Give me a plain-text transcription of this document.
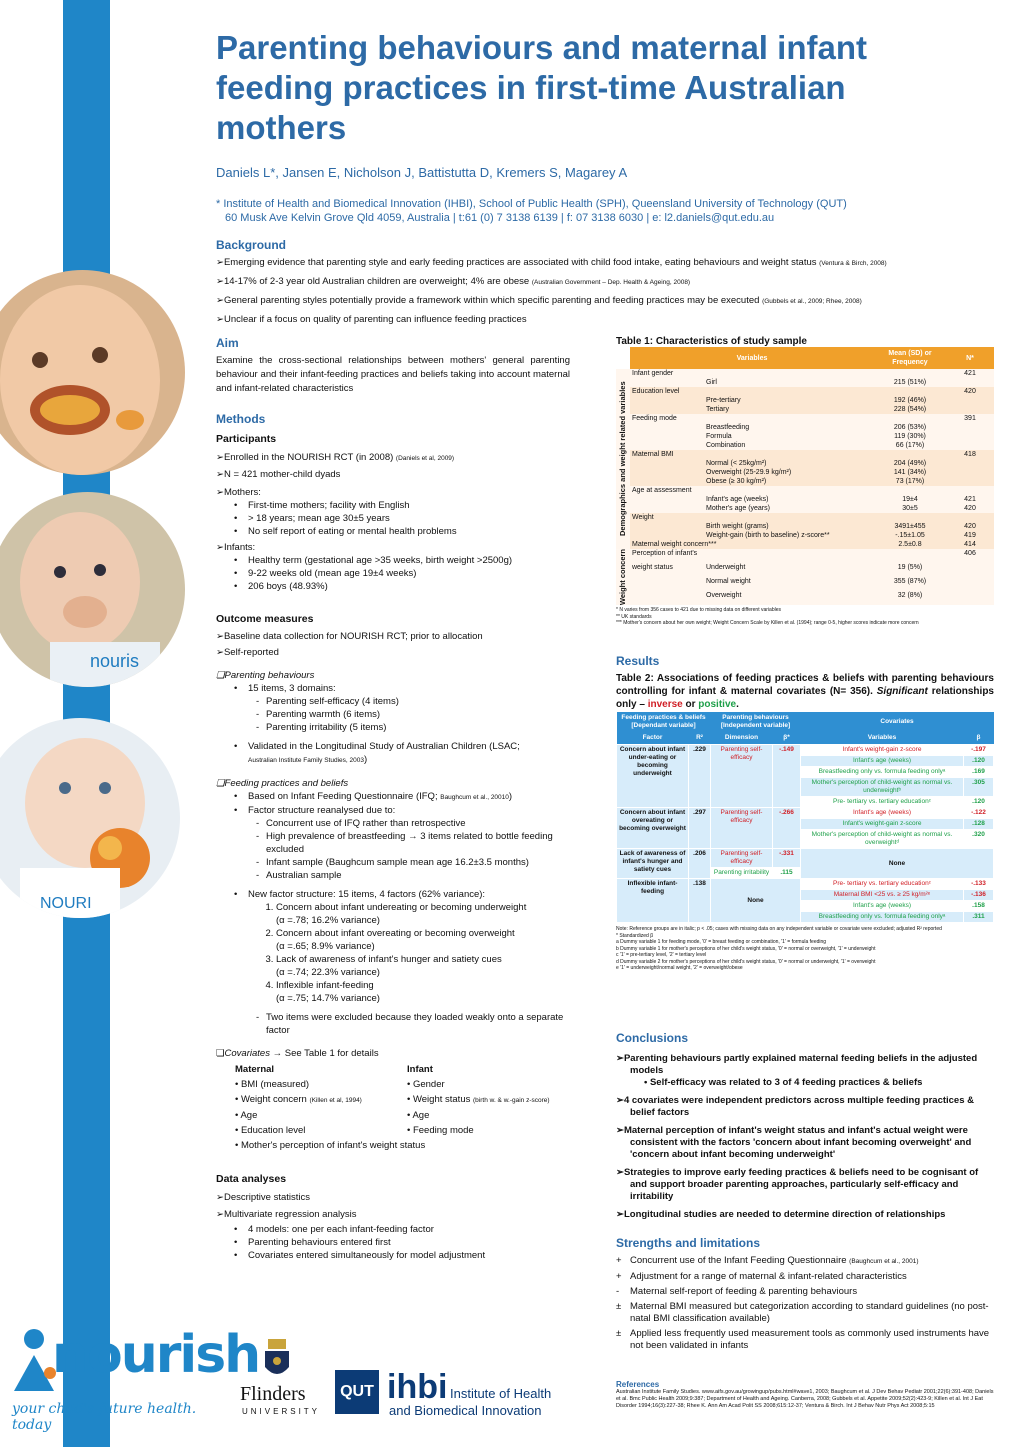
nouris
NOURI
Parenting behaviours and maternal infant feeding practices in first-time Australian mothers
Daniels L*, Jansen E, Nicholson J, Battistutta D, Kremers S, Magarey A
* Institute of Health and Biomedical Innovation (IHBI), School of Public Health (SPH), Queensland University of Technology (QUT)
60 Musk Ave Kelvin Grove Qld 4059, Australia | t:61 (0) 7 3138 6139 | f: 07 3138 6030 | e: l2.daniels@qut.edu.au
Background
➢ Emerging evidence that parenting style and early feeding practices are associated with child food intake, eating behaviours and weight status (Ventura & Birch, 2008)
➢ 14-17% of 2-3 year old Australian children are overweight; 4% are obese (Australian Government – Dep. Health & Ageing, 2008)
➢ General parenting styles potentially provide a framework within which specific parenting and feeding practices may be executed (Gubbels et al., 2009; Rhee, 2008)
➢ Unclear if a focus on quality of parenting can influence feeding practices
Aim
Examine the cross-sectional relationships between mothers' general parenting behaviour and their infant-feeding practices and beliefs taking into account maternal and infant-related characteristics
Methods
Participants
➢ Enrolled in the NOURISH RCT (in 2008) (Daniels et al, 2009)
➢ N = 421 mother-child dyads
➢ Mothers:
• First-time mothers; facility with English
• > 18 years; mean age 30±5 years
• No self report of eating or mental health problems
➢ Infants:
• Healthy term (gestational age >35 weeks, birth weight >2500g)
• 9-22 weeks old (mean age 19±4 weeks)
• 206 boys (48.93%)
Outcome measures
➢ Baseline data collection for NOURISH RCT; prior to allocation
➢ Self-reported
❏ Parenting behaviours
• 15 items, 3 domains:
- Parenting self-efficacy (4 items)
- Parenting warmth (6 items)
- Parenting irritability (5 items)
• Validated in the Longitudinal Study of Australian Children (LSAC;
Australian Institute Family Studies, 2003)
❏ Feeding practices and beliefs
• Based on Infant Feeding Questionnaire (IFQ; Baughcum et al., 20010)
• Factor structure reanalysed due to:
- Concurrent use of IFQ rather than retrospective
- High prevalence of breastfeeding → 3 items related to bottle feeding excluded
- Infant sample (Baughcum sample mean age 16.2±3.5 months)
- Australian sample
• New factor structure: 15 items, 4 factors (62% variance):
1. Concern about infant undereating or becoming underweight
(α =.78; 16.2% variance)
2. Concern about infant overeating or becoming overweight
(α =.65; 8.9% variance)
3. Lack of awareness of infant's hunger and satiety cues
(α =.74; 22.3% variance)
4. Inflexible infant-feeding
(α =.75; 14.7% variance)
- Two items were excluded because they loaded weakly onto a separate factor
❏ Covariates → See Table 1 for details
Maternal	Infant
• BMI (measured)	• Gender
• Weight concern (Killen et al, 1994)	• Weight status (birth w. & w.-gain z-score)
• Age	• Age
• Education level	• Feeding mode
• Mother's perception of infant's weight status	
Data analyses
➢ Descriptive statistics
➢ Multivariate regression analysis
• 4 models: one per each infant-feeding factor
• Parenting behaviours entered first
• Covariates entered simultaneously for model adjustment
Table 1: Characteristics of study sample
	Variables		Mean (SD) or Frequency	N*
Demographics and weight related variables	Infant gender			421
		Girl	215 (51%)	
	Education level			420
		Pre-tertiary	192 (46%)	
		Tertiary	228 (54%)	
	Feeding mode			391
		Breastfeeding	206 (53%)	
		Formula	119 (30%)	
		Combination	66 (17%)	
	Maternal BMI			418
		Normal (< 25kg/m²)	204 (49%)	
		Overweight (25-29.9 kg/m²)	141 (34%)	
		Obese (≥ 30 kg/m²)	73 (17%)	
	Age at assessment			
		Infant's age (weeks)	19±4	421
		Mother's age (years)	30±5	420
	Weight			
		Birth weight (grams)	3491±455	420
		Weight-gain (birth to baseline) z-score**	-.15±1.05	419
	Maternal weight concern***		2.5±0.8	414
Weight concern	Perception of infant's			406
	weight status	Underweight	19 (5%)	
		Normal weight	355 (87%)	
		Overweight	32 (8%)	
* N varies from 356 cases to 421 due to missing data on different variables
** UK standards
*** Mother's concern about her own weight; Weight Concern Scale by Killen et al. (1994); range 0-5, higher scores indicate more concern
Results
Table 2: Associations of feeding practices & beliefs with parenting behaviours controlling for infant & maternal covariates (N= 356). Significant relationships only – inverse or positive.
Feeding practices & beliefs [Dependant variable]		Parenting behaviours [Independent variable]		Covariates	
Factor	R²	Dimension	β*	Variables	β
Concern about infant under-eating or becoming underweight	.229	Parenting self-efficacy	-.149	Infant's weight-gain z-score	-.197
				Infant's age (weeks)	.120
				Breastfeeding only vs. formula feeding onlyᵃ	.169
				Mother's perception of child-weight as normal vs. underweightᵇ	.305
				Pre- tertiary vs. tertiary educationᶜ	.120
Concern about infant overeating or becoming overweight	.297	Parenting self-efficacy	-.266	Infant's age (weeks)	-.122
				Infant's weight-gain z-score	.128
				Mother's perception of child-weight as normal vs. overweightᵈ	.320
Lack of awareness of infant's hunger and satiety cues	.206	Parenting self-efficacy	-.331	None	
		Parenting irritability	.115		
Inflexible infant-feeding	.138	None		Pre- tertiary vs. tertiary educationᶜ	-.133
				Maternal BMI <25 vs. ≥ 25 kg/m²ᵉ	-.136
				Infant's age (weeks)	.158
				Breastfeeding only vs. formula feeding onlyᵃ	.311
Note: Reference groups are in italic; p < .05; cases with missing data on any independent variable or covariate were excluded; adjusted R² reported
* Standardized β
a Dummy variable 1 for feeding mode, '0' = breast feeding or combination, '1' = formula feeding
b Dummy variable 1 for mother's perceptions of her child's weight status, '0' = normal or overweight, '1' = underweight
c '1' = pre-tertiary level, '2' = tertiary level
d Dummy variable 2 for mother's perceptions of her child's weight status, '0' = normal or underweight, '1' = overweight
e '1' = underweight/normal weight, '2' = overweight/obese
Conclusions
➢ Parenting behaviours partly explained maternal feeding beliefs in the adjusted models
• Self-efficacy was related to 3 of 4 feeding practices & beliefs
➢ 4 covariates were independent predictors across multiple feeding practices & belief factors
➢ Maternal perception of infant's weight status and infant's actual weight were consistent with the factors 'concern about infant becoming overweight' and 'concern about infant becoming underweight'
➢ Strategies to improve early feeding practices & beliefs need to be cognisant of and support broader parenting approaches, particularly self-efficacy and irritability
➢ Longitudinal studies are needed to determine direction of relationships
Strengths and limitations
+ Concurrent use of the Infant Feeding Questionnaire (Baughcum et al., 2001)
+ Adjustment for a range of maternal & infant-related characteristics
- Maternal self-report of feeding & parenting behaviours
± Maternal BMI measured but categorization according to standard guidelines (no post-natal BMI classification available)
± Applied less frequently used measurement tools as commonly used instruments have not been validated in infants
References
Australian Institute Family Studies. www.aifs.gov.au/growingup/pubs.html#wave1, 2003; Baughcum et al. J Dev Behav Pediatr 2001;22(6):391-408; Daniels et al. Bmc Public Health 2009;9:387; Department of Health and Ageing. Canberra, 2008; Gubbels et al. Appetite 2009;52(2):423-9; Killen et al. Int J Eat Disorder 1994;16(3):227-38; Rhee K. Ann Am Acad Polit SS 2008;615:12-37; Ventura & Birch. Int J Behav Nutr Phys Act 2008;5:15
nourish
your child's future health. today
Flinders
UNIVERSITY
QUT ihbi Institute of Health
and Biomedical Innovation
